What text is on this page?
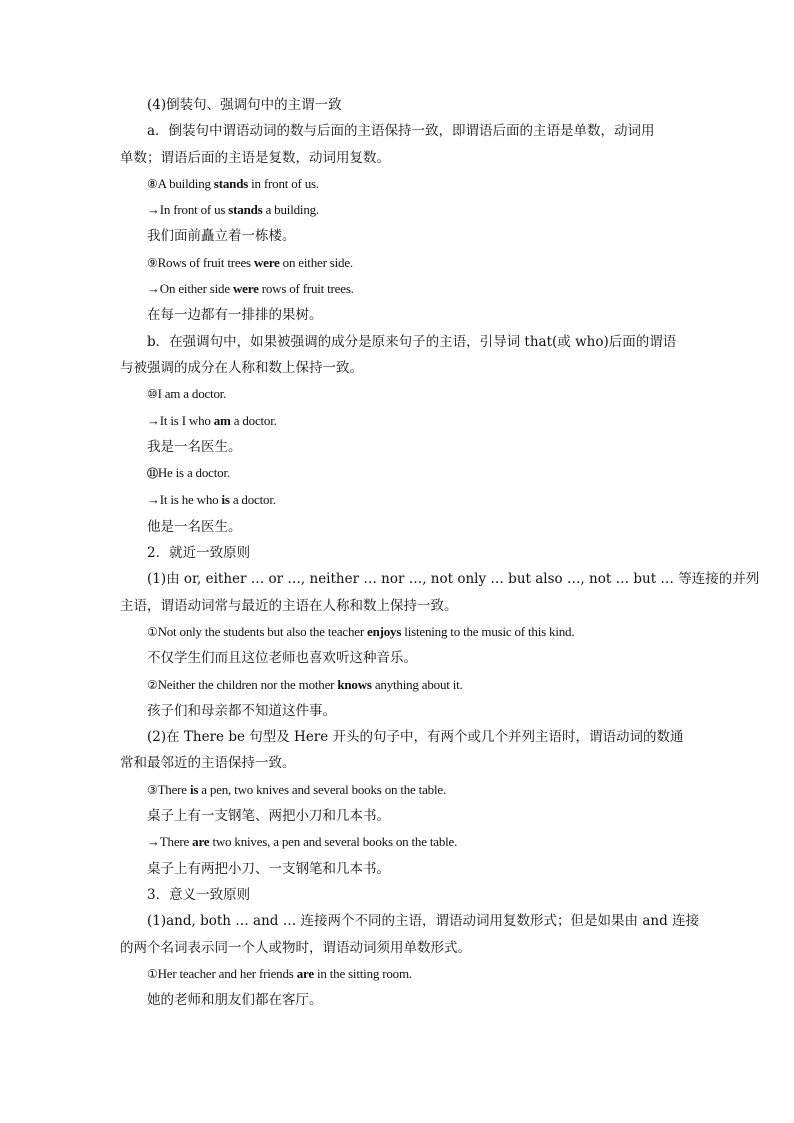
(4)倒装句、强调句中的主谓一致
a．倒装句中谓语动词的数与后面的主语保持一致，即谓语后面的主语是单数，动词用
单数；谓语后面的主语是复数，动词用复数。
⑧A building stands in front of us.
→In front of us stands a building.
我们面前矗立着一栋楼。
⑨Rows of fruit trees were on either side.
→On either side were rows of fruit trees.
在每一边都有一排排的果树。
b．在强调句中，如果被强调的成分是原来句子的主语，引导词 that(或 who)后面的谓语
与被强调的成分在人称和数上保持一致。
⑩I am a doctor.
→It is I who am a doctor.
我是一名医生。
⑪He is a doctor.
→It is he who is a doctor.
他是一名医生。
2．就近一致原则
(1)由 or, either … or …, neither … nor …, not only … but also …, not … but … 等连接的并列
主语，谓语动词常与最近的主语在人称和数上保持一致。
①Not only the students but also the teacher enjoys listening to the music of this kind.
不仅学生们而且这位老师也喜欢听这种音乐。
②Neither the children nor the mother knows anything about it.
孩子们和母亲都不知道这件事。
(2)在 There be 句型及 Here 开头的句子中，有两个或几个并列主语时，谓语动词的数通
常和最邻近的主语保持一致。
③There is a pen, two knives and several books on the table.
桌子上有一支钢笔、两把小刀和几本书。
→There are two knives, a pen and several books on the table.
桌子上有两把小刀、一支钢笔和几本书。
3．意义一致原则
(1)and, both … and … 连接两个不同的主语，谓语动词用复数形式；但是如果由 and 连接
的两个名词表示同一个人或物时，谓语动词须用单数形式。
①Her teacher and her friends are in the sitting room.
她的老师和朋友们都在客厅。
